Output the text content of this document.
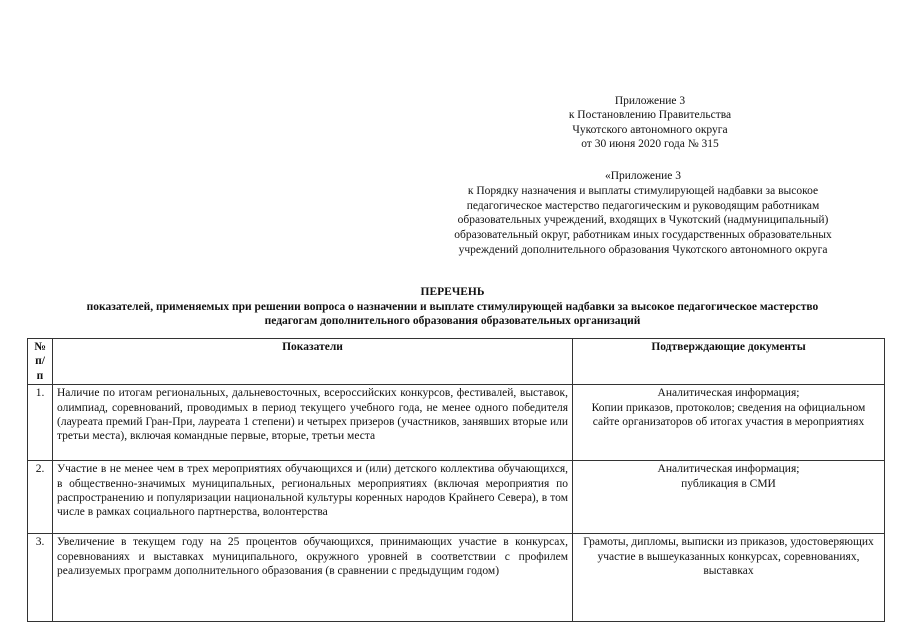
Приложение 3
к Постановлению Правительства
Чукотского автономного округа
от 30 июня 2020 года № 315
«Приложение 3
к Порядку назначения и выплаты стимулирующей надбавки за высокое
педагогическое мастерство педагогическим и руководящим работникам
образовательных учреждений, входящих в Чукотский (надмуниципальный)
образовательный округ, работникам иных государственных образовательных
учреждений дополнительного образования Чукотского автономного округа
ПЕРЕЧЕНЬ
показателей, применяемых при решении вопроса о назначении и выплате стимулирующей надбавки за высокое педагогическое мастерство
педагогам дополнительного образования образовательных организаций
№ п/п	Показатели	Подтверждающие документы
1.	Наличие по итогам региональных, дальневосточных, всероссийских конкурсов, фестивалей, выставок, олимпиад, соревнований, проводимых в период текущего учебного года, не менее одного победителя (лауреата премий Гран-При, лауреата 1 степени) и четырех призеров (участников, занявших вторые или третьи места), включая командные первые, вторые, третьи места	Аналитическая информация;
Копии приказов, протоколов; сведения на официальном сайте организаторов об итогах участия в мероприятиях

2.	Участие в не менее чем в трех мероприятиях обучающихся и (или) детского коллектива обучающихся, в общественно-значимых муниципальных, региональных мероприятиях (включая мероприятия по распространению и популяризации национальной культуры коренных народов Крайнего Севера), в том числе в рамках социального партнерства, волонтерства	Аналитическая информация;
публикация в СМИ

3.	Увеличение в текущем году на 25 процентов обучающихся, принимающих участие в конкурсах, соревнованиях и выставках муниципального, окружного уровней в соответствии с профилем реализуемых программ дополнительного образования (в сравнении с предыдущим годом)	Грамоты, дипломы, выписки из приказов, удостоверяющих участие в вышеуказанных конкурсах, соревнованиях, выставках
